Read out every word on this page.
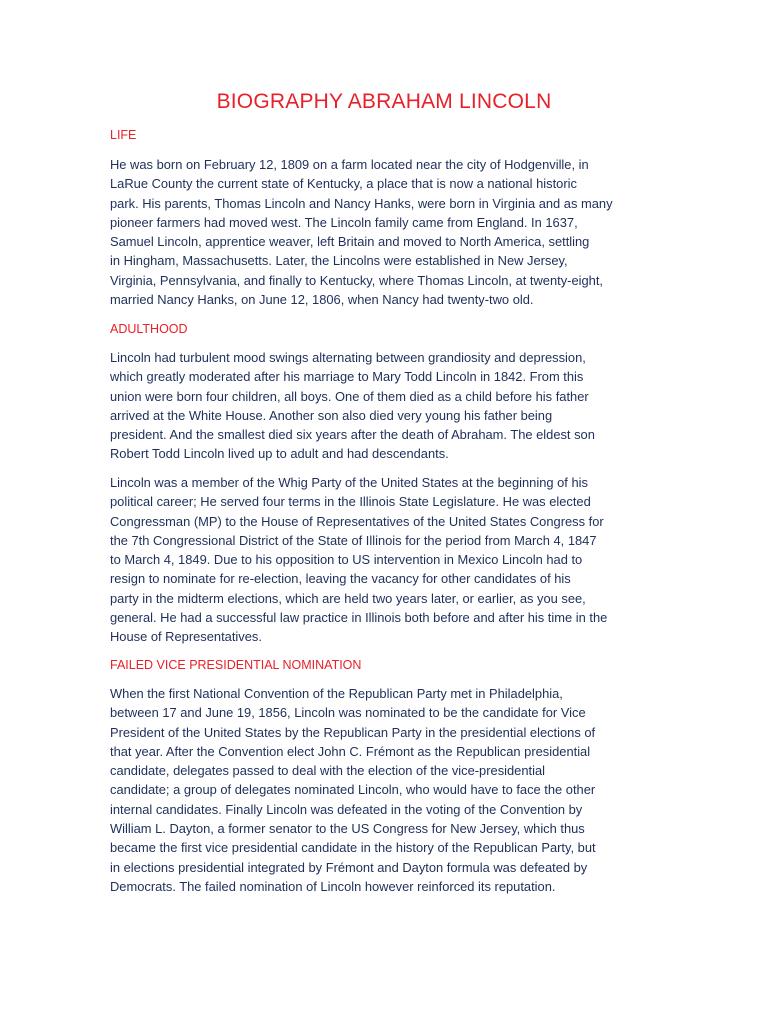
BIOGRAPHY ABRAHAM LINCOLN
LIFE

He was born on February 12, 1809 on a farm located near the city of Hodgenville, in
LaRue County the current state of Kentucky, a place that is now a national historic
park. His parents, Thomas Lincoln and Nancy Hanks, were born in Virginia and as many
pioneer farmers had moved west. The Lincoln family came from England. In 1637,
Samuel Lincoln, apprentice weaver, left Britain and moved to North America, settling
in Hingham, Massachusetts. Later, the Lincolns were established in New Jersey,
Virginia, Pennsylvania, and finally to Kentucky, where Thomas Lincoln, at twenty-eight,
married Nancy Hanks, on June 12, 1806, when Nancy had twenty-two old.

ADULTHOOD

Lincoln had turbulent mood swings alternating between grandiosity and depression,
which greatly moderated after his marriage to Mary Todd Lincoln in 1842. From this
union were born four children, all boys. One of them died as a child before his father
arrived at the White House. Another son also died very young his father being
president. And the smallest died six years after the death of Abraham. The eldest son
Robert Todd Lincoln lived up to adult and had descendants.

Lincoln was a member of the Whig Party of the United States at the beginning of his
political career; He served four terms in the Illinois State Legislature. He was elected
Congressman (MP) to the House of Representatives of the United States Congress for
the 7th Congressional District of the State of Illinois for the period from March 4, 1847
to March 4, 1849. Due to his opposition to US intervention in Mexico Lincoln had to
resign to nominate for re-election, leaving the vacancy for other candidates of his
party in the midterm elections, which are held two years later, or earlier, as you see,
general. He had a successful law practice in Illinois both before and after his time in the
House of Representatives.

FAILED VICE PRESIDENTIAL NOMINATION

When the first National Convention of the Republican Party met in Philadelphia,
between 17 and June 19, 1856, Lincoln was nominated to be the candidate for Vice
President of the United States by the Republican Party in the presidential elections of
that year. After the Convention elect John C. Frémont as the Republican presidential
candidate, delegates passed to deal with the election of the vice-presidential
candidate; a group of delegates nominated Lincoln, who would have to face the other
internal candidates. Finally Lincoln was defeated in the voting of the Convention by
William L. Dayton, a former senator to the US Congress for New Jersey, which thus
became the first vice presidential candidate in the history of the Republican Party, but
in elections presidential integrated by Frémont and Dayton formula was defeated by
Democrats. The failed nomination of Lincoln however reinforced its reputation.
